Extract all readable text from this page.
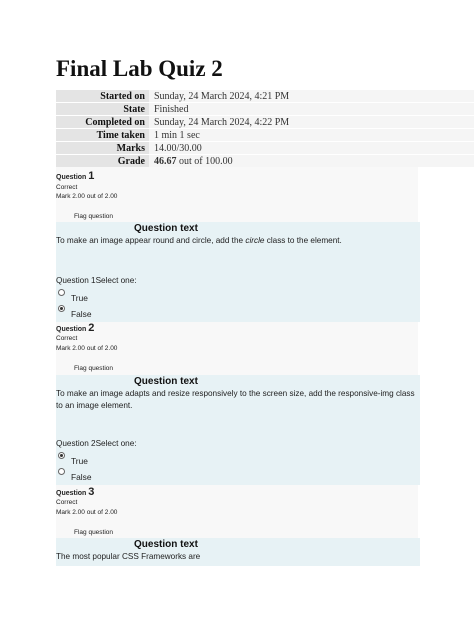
Final Lab Quiz 2
Started on Sunday, 24 March 2024, 4:21 PM
State Finished
Completed on Sunday, 24 March 2024, 4:22 PM
Time taken 1 min 1 sec
Marks 14.00/30.00
Grade 46.67 out of 100.00
Question 1
Correct
Mark 2.00 out of 2.00
Flag question
Question text
To make an image appear round and circle, add the circle class to the element.
Question 1Select one:
True
False
Question 2
Correct
Mark 2.00 out of 2.00
Flag question
Question text
To make an image adapts and resize responsively to the screen size, add the responsive-img class to an image element.
Question 2Select one:
True
False
Question 3
Correct
Mark 2.00 out of 2.00
Flag question
Question text
The most popular CSS Frameworks are
